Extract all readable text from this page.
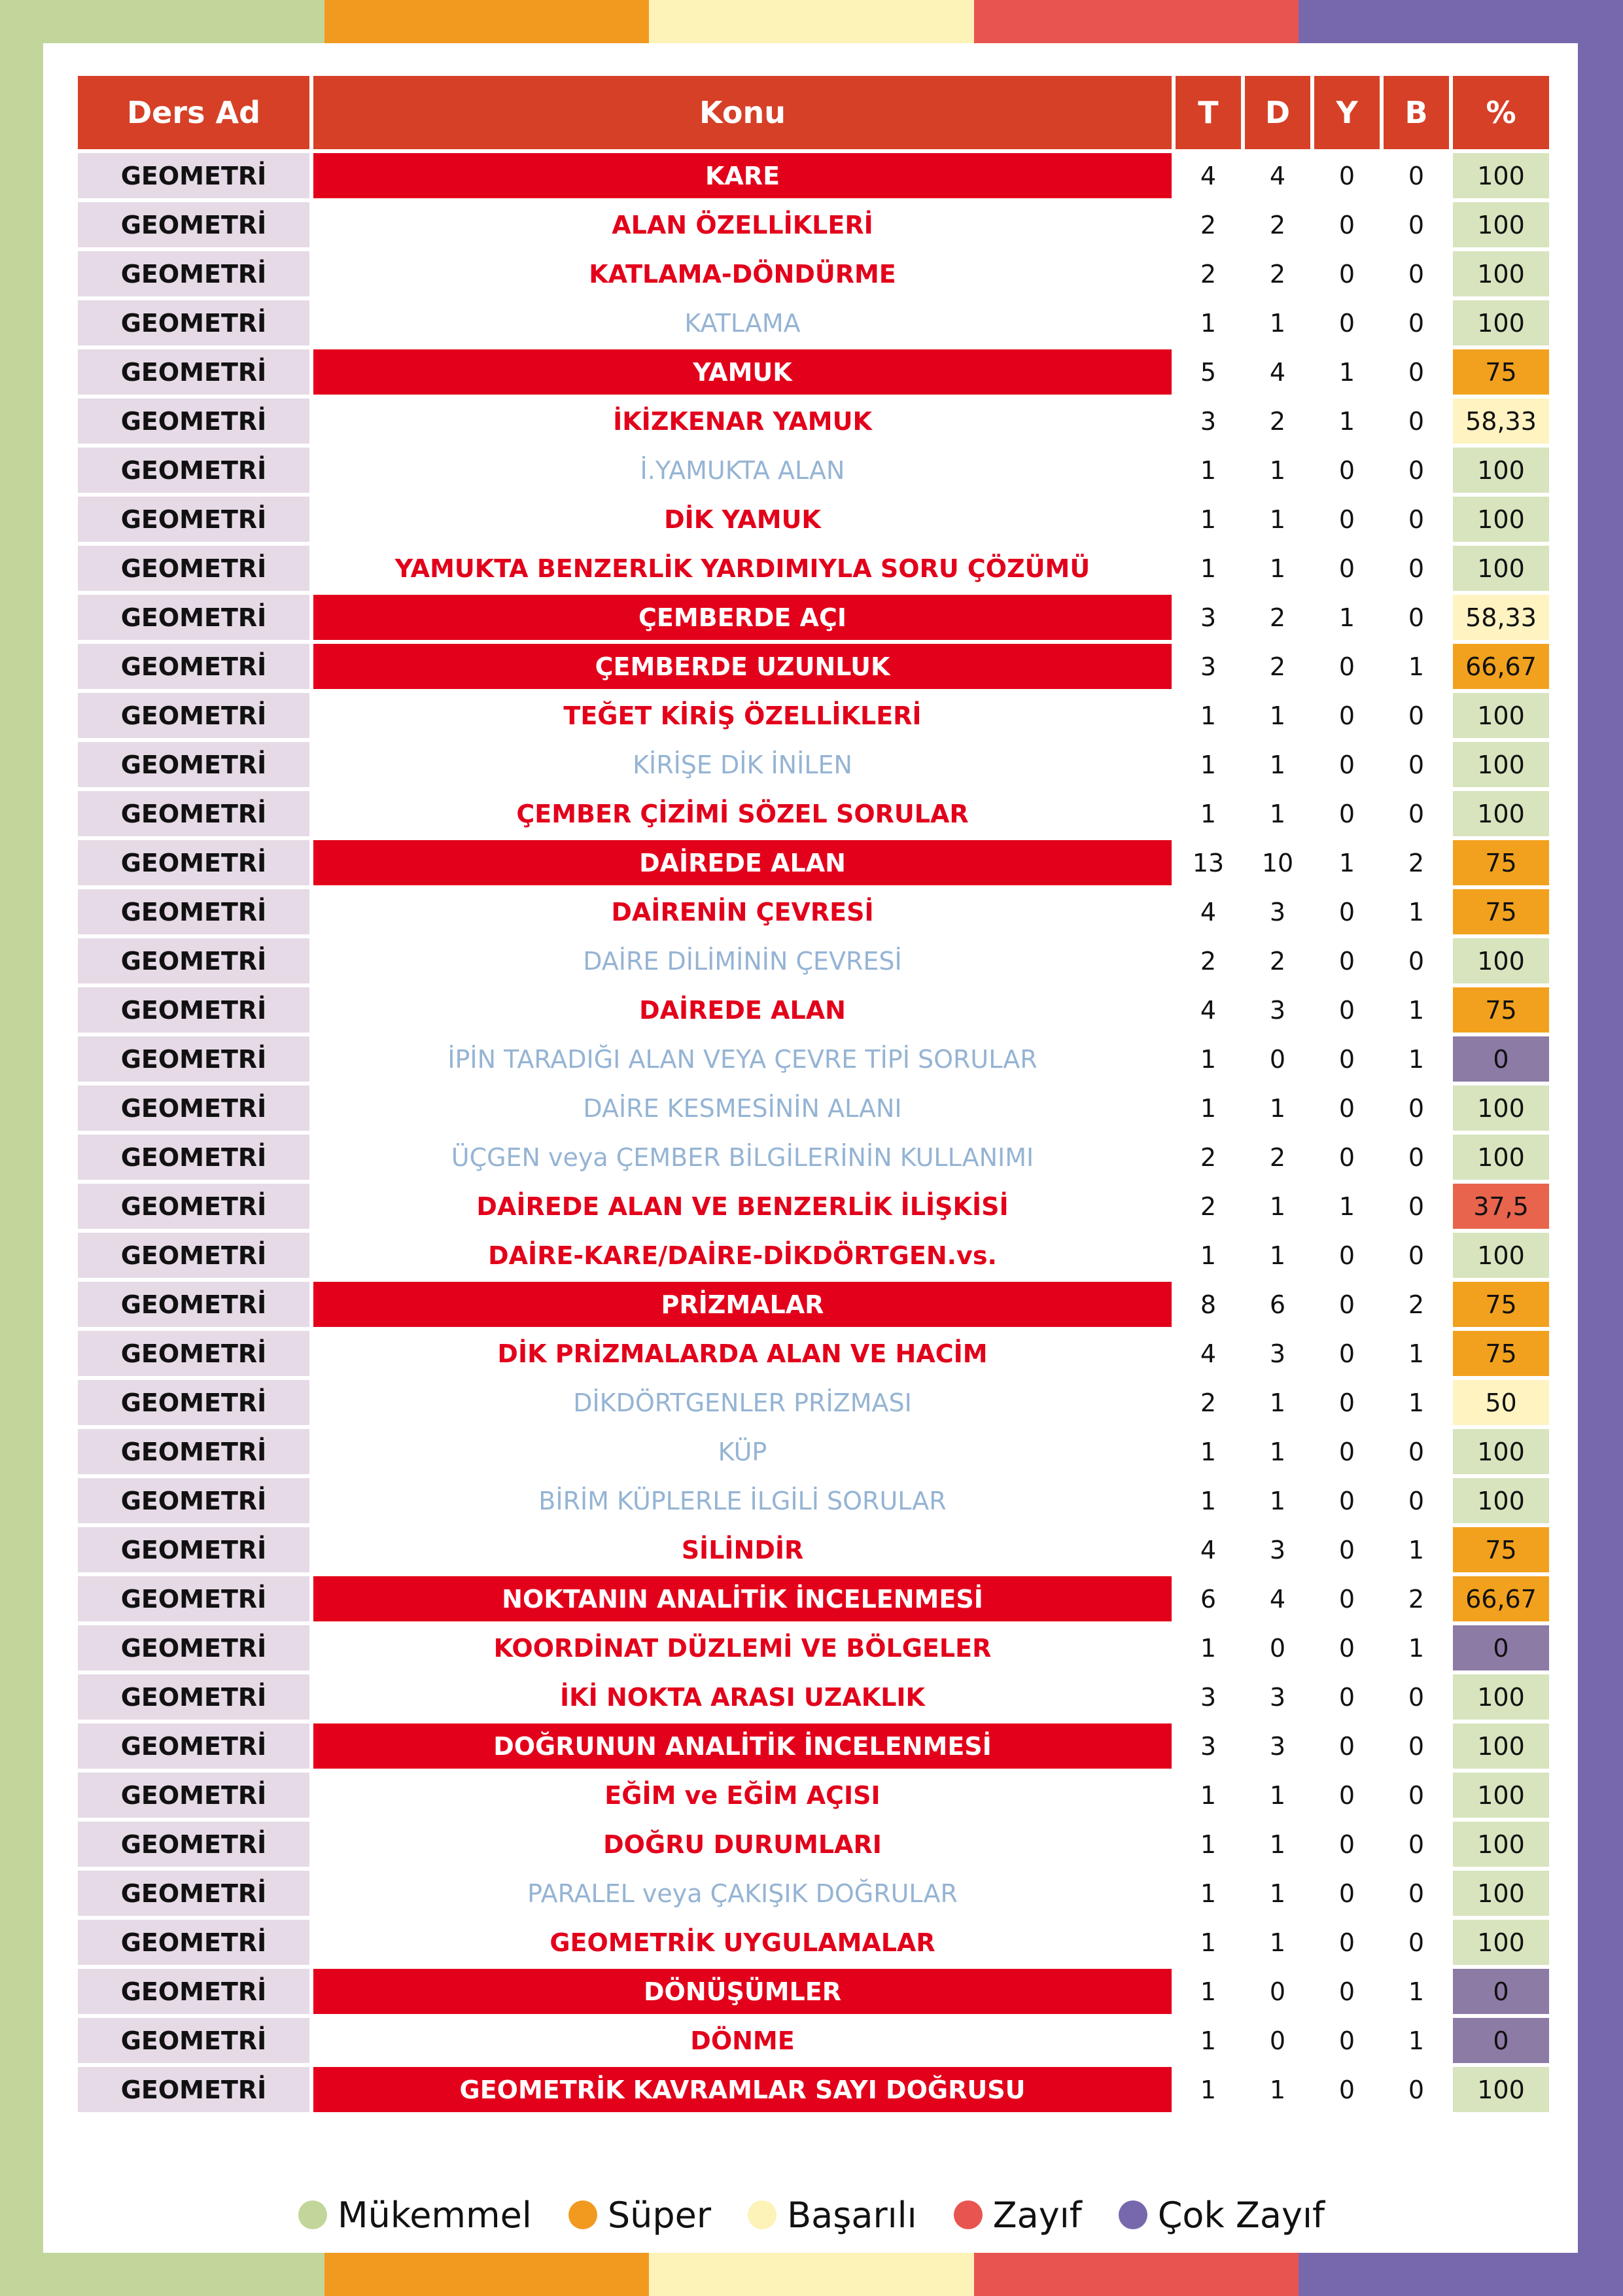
Ders Ad	Konu	T	D	Y	B	%
GEOMETRİ	KARE	4	4	0	0	100
GEOMETRİ	ALAN ÖZELLİKLERİ	2	2	0	0	100
GEOMETRİ	KATLAMA-DÖNDÜRME	2	2	0	0	100
GEOMETRİ	KATLAMA	1	1	0	0	100
GEOMETRİ	YAMUK	5	4	1	0	75
GEOMETRİ	İKİZKENAR YAMUK	3	2	1	0	58,33
GEOMETRİ	İ.YAMUKTA ALAN	1	1	0	0	100
GEOMETRİ	DİK YAMUK	1	1	0	0	100
GEOMETRİ	YAMUKTA BENZERLİK YARDIMIYLA SORU ÇÖZÜMÜ	1	1	0	0	100
GEOMETRİ	ÇEMBERDE AÇI	3	2	1	0	58,33
GEOMETRİ	ÇEMBERDE UZUNLUK	3	2	0	1	66,67
GEOMETRİ	TEĞET KİRİŞ ÖZELLİKLERİ	1	1	0	0	100
GEOMETRİ	KİRİŞE DİK İNİLEN	1	1	0	0	100
GEOMETRİ	ÇEMBER ÇİZİMİ SÖZEL SORULAR	1	1	0	0	100
GEOMETRİ	DAİREDE ALAN	13	10	1	2	75
GEOMETRİ	DAİRENİN ÇEVRESİ	4	3	0	1	75
GEOMETRİ	DAİRE DİLİMİNİN ÇEVRESİ	2	2	0	0	100
GEOMETRİ	DAİREDE ALAN	4	3	0	1	75
GEOMETRİ	İPİN TARADIĞI ALAN VEYA ÇEVRE TİPİ SORULAR	1	0	0	1	0
GEOMETRİ	DAİRE KESMESİNİN ALANI	1	1	0	0	100
GEOMETRİ	ÜÇGEN veya ÇEMBER BİLGİLERİNİN KULLANIMI	2	2	0	0	100
GEOMETRİ	DAİREDE ALAN VE BENZERLİK İLİŞKİSİ	2	1	1	0	37,5
GEOMETRİ	DAİRE-KARE/DAİRE-DİKDÖRTGEN.vs.	1	1	0	0	100
GEOMETRİ	PRİZMALAR	8	6	0	2	75
GEOMETRİ	DİK PRİZMALARDA ALAN VE HACİM	4	3	0	1	75
GEOMETRİ	DİKDÖRTGENLER PRİZMASI	2	1	0	1	50
GEOMETRİ	KÜP	1	1	0	0	100
GEOMETRİ	BİRİM KÜPLERLE İLGİLİ SORULAR	1	1	0	0	100
GEOMETRİ	SİLİNDİR	4	3	0	1	75
GEOMETRİ	NOKTANIN ANALİTİK İNCELENMESİ	6	4	0	2	66,67
GEOMETRİ	KOORDİNAT DÜZLEMİ VE BÖLGELER	1	0	0	1	0
GEOMETRİ	İKİ NOKTA ARASI UZAKLIK	3	3	0	0	100
GEOMETRİ	DOĞRUNUN ANALİTİK İNCELENMESİ	3	3	0	0	100
GEOMETRİ	EĞİM ve EĞİM AÇISI	1	1	0	0	100
GEOMETRİ	DOĞRU DURUMLARI	1	1	0	0	100
GEOMETRİ	PARALEL veya ÇAKIŞIK DOĞRULAR	1	1	0	0	100
GEOMETRİ	GEOMETRİK UYGULAMALAR	1	1	0	0	100
GEOMETRİ	DÖNÜŞÜMLER	1	0	0	1	0
GEOMETRİ	DÖNME	1	0	0	1	0
GEOMETRİ	GEOMETRİK KAVRAMLAR SAYI DOĞRUSU	1	1	0	0	100
Mükemmel Süper Başarılı Zayıf Çok Zayıf
